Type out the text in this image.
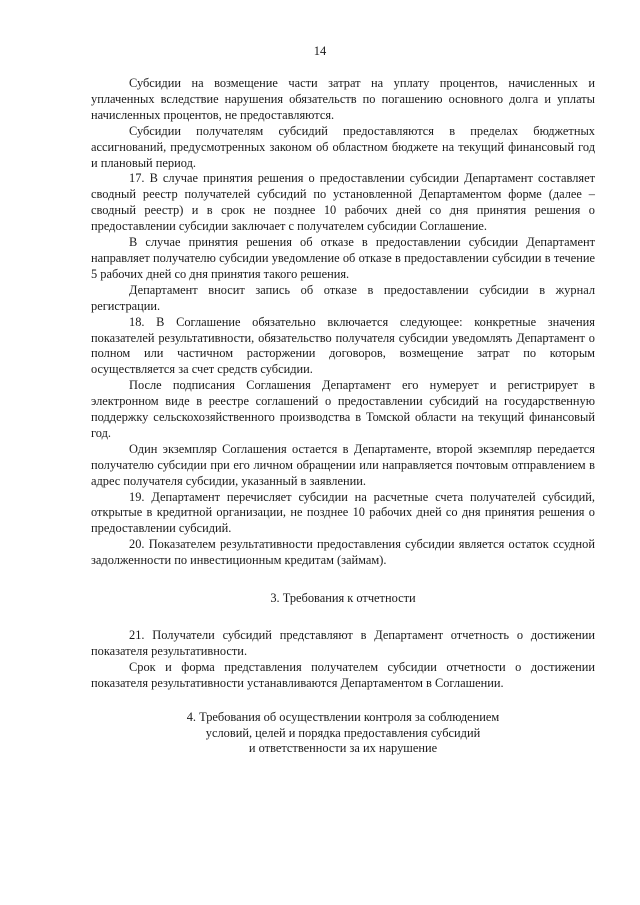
14

Субсидии на возмещение части затрат на уплату процентов, начисленных и уплаченных вследствие нарушения обязательств по погашению основного долга и уплаты начисленных процентов, не предоставляются.

Субсидии получателям субсидий предоставляются в пределах бюджетных ассигнований, предусмотренных законом об областном бюджете на текущий финансовый год и плановый период.

17. В случае принятия решения о предоставлении субсидии Департамент составляет сводный реестр получателей субсидий по установленной Департаментом форме (далее – сводный реестр) и в срок не позднее 10 рабочих дней со дня принятия решения о предоставлении субсидии заключает с получателем субсидии Соглашение.

В случае принятия решения об отказе в предоставлении субсидии Департамент направляет получателю субсидии уведомление об отказе в предоставлении субсидии в течение 5 рабочих дней со дня принятия такого решения.

Департамент вносит запись об отказе в предоставлении субсидии в журнал регистрации.

18. В Соглашение обязательно включается следующее: конкретные значения показателей результативности, обязательство получателя субсидии уведомлять Департамент о полном или частичном расторжении договоров, возмещение затрат по которым осуществляется за счет средств субсидии.

После подписания Соглашения Департамент его нумерует и регистрирует в электронном виде в реестре соглашений о предоставлении субсидий на государственную поддержку сельскохозяйственного производства в Томской области на текущий финансовый год.

Один экземпляр Соглашения остается в Департаменте, второй экземпляр передается получателю субсидии при его личном обращении или направляется почтовым отправлением в адрес получателя субсидии, указанный в заявлении.

19. Департамент перечисляет субсидии на расчетные счета получателей субсидий, открытые в кредитной организации, не позднее 10 рабочих дней со дня принятия решения о предоставлении субсидий.

20. Показателем результативности предоставления субсидии является остаток ссудной задолженности по инвестиционным кредитам (займам).

3. Требования к отчетности

21. Получатели субсидий представляют в Департамент отчетность о достижении показателя результативности.

Срок и форма представления получателем субсидии отчетности о достижении показателя результативности устанавливаются Департаментом в Соглашении.

4. Требования об осуществлении контроля за соблюдением
условий, целей и порядка предоставления субсидий
и ответственности за их нарушение
